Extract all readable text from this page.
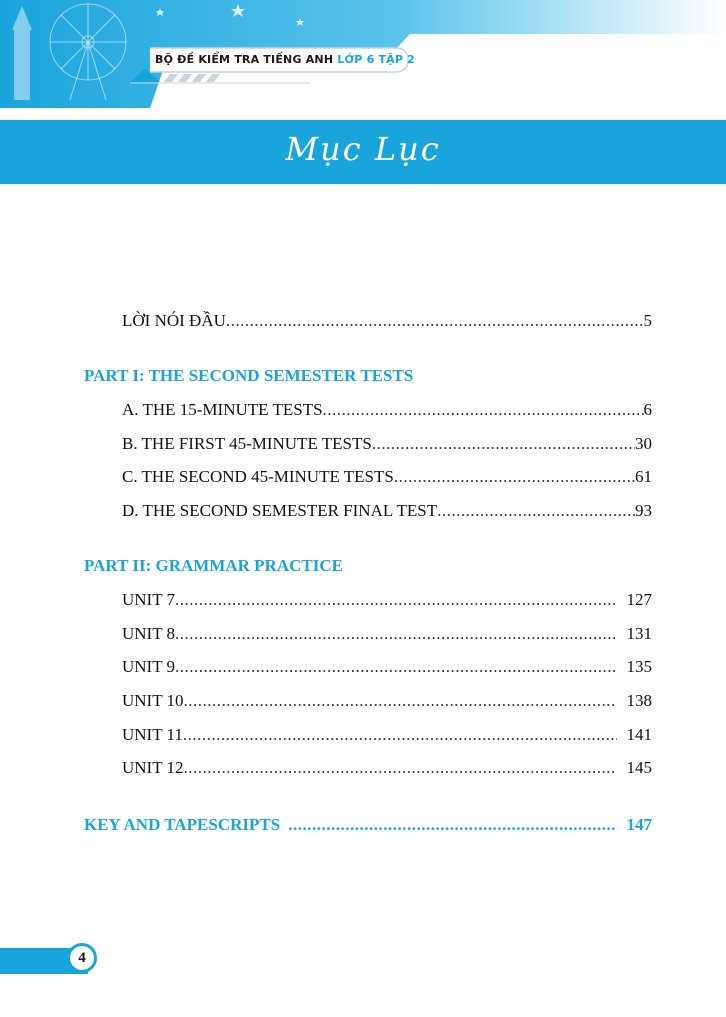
BỘ ĐỀ KIỂM TRA TIẾNG ANH LỚP 6 TẬP 2
Mục Lục
LỜI NÓI ĐẦU .....	5
PART I: THE SECOND SEMESTER TESTS
A. THE 15-MINUTE TESTS .....	6
B. THE FIRST 45-MINUTE TESTS .....	30
C. THE SECOND 45-MINUTE TESTS .....	61
D. THE SECOND SEMESTER FINAL TEST .....	93
PART II: GRAMMAR PRACTICE
UNIT 7 .....	127
UNIT 8 .....	131
UNIT 9 .....	135
UNIT 10 .....	138
UNIT 11 .....	141
UNIT 12 .....	145
KEY AND TAPESCRIPTS .....	147
4
